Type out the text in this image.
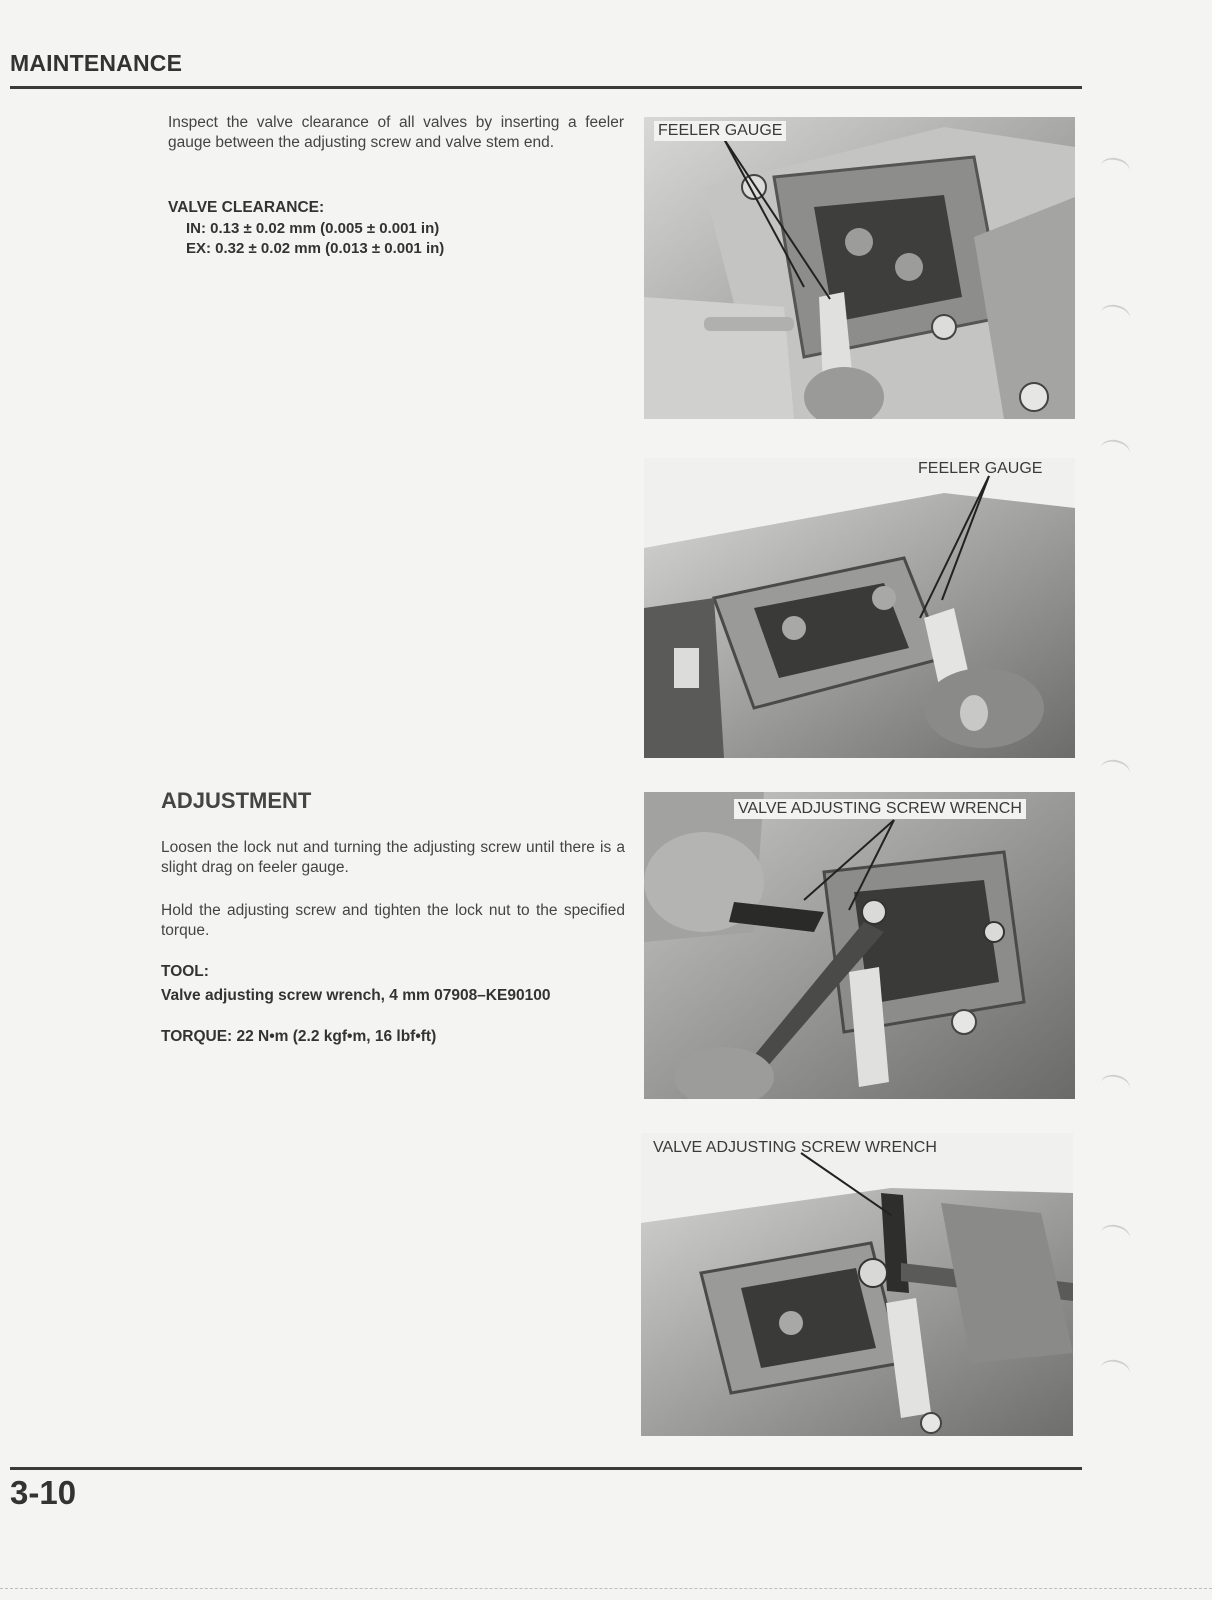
MAINTENANCE
Inspect the valve clearance of all valves by inserting a feeler gauge between the adjusting screw and valve stem end.
VALVE CLEARANCE:
IN: 0.13 ± 0.02 mm (0.005 ± 0.001 in)
EX: 0.32 ± 0.02 mm (0.013 ± 0.001 in)
ADJUSTMENT
Loosen the lock nut and turning the adjusting screw until there is a slight drag on feeler gauge.
Hold the adjusting screw and tighten the lock nut to the specified torque.
TOOL:
Valve adjusting screw wrench, 4 mm 07908–KE90100
TORQUE: 22 N•m (2.2 kgf•m, 16 lbf•ft)
FEELER GAUGE
FEELER GAUGE
VALVE ADJUSTING SCREW WRENCH
VALVE ADJUSTING SCREW WRENCH
3-10
